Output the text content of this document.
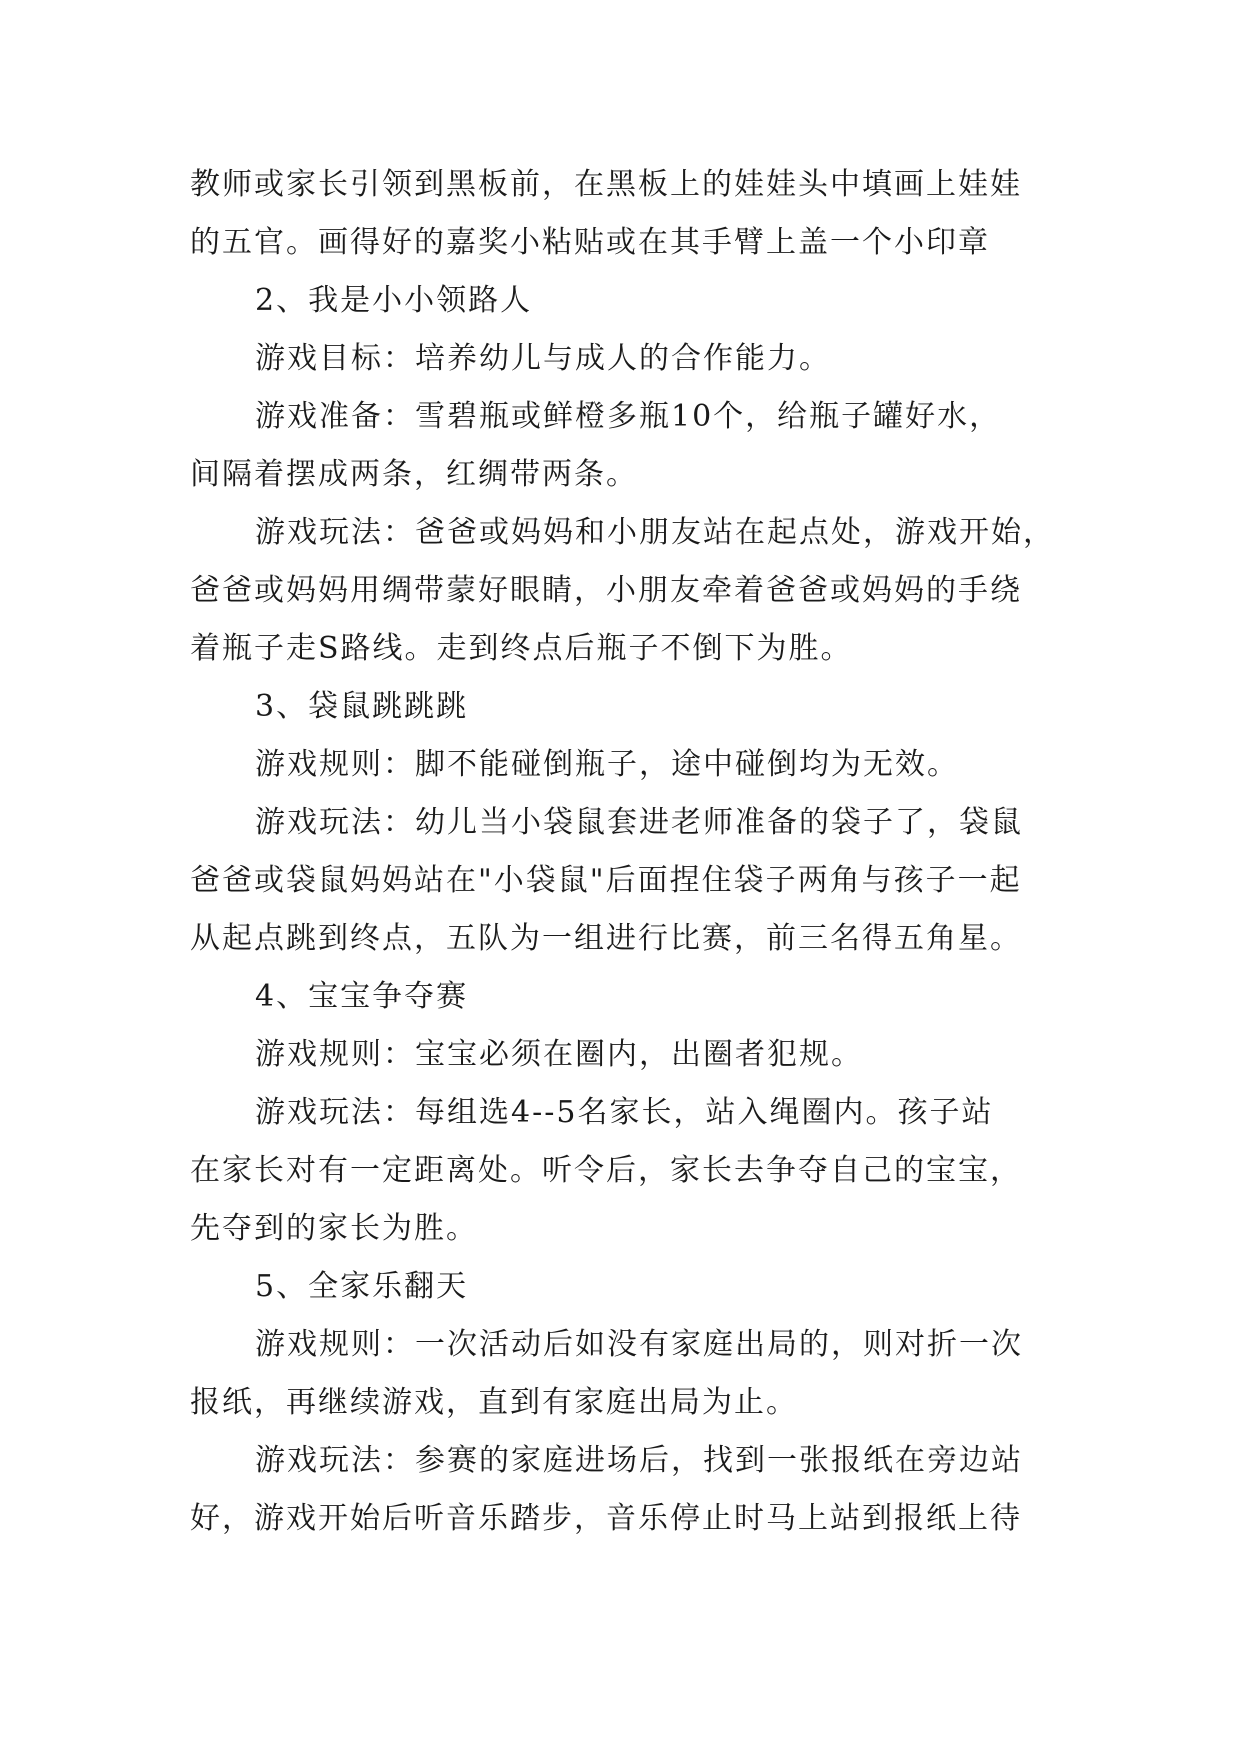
教师或家长引领到黑板前，在黑板上的娃娃头中填画上娃娃
的五官。画得好的嘉奖小粘贴或在其手臂上盖一个小印章
2、我是小小领路人
游戏目标：培养幼儿与成人的合作能力。
游戏准备：雪碧瓶或鲜橙多瓶10个，给瓶子罐好水，
间隔着摆成两条，红绸带两条。
游戏玩法：爸爸或妈妈和小朋友站在起点处，游戏开始，
爸爸或妈妈用绸带蒙好眼睛，小朋友牵着爸爸或妈妈的手绕
着瓶子走S路线。走到终点后瓶子不倒下为胜。
3、袋鼠跳跳跳
游戏规则：脚不能碰倒瓶子，途中碰倒均为无效。
游戏玩法：幼儿当小袋鼠套进老师准备的袋子了，袋鼠
爸爸或袋鼠妈妈站在"小袋鼠"后面捏住袋子两角与孩子一起
从起点跳到终点，五队为一组进行比赛，前三名得五角星。
4、宝宝争夺赛
游戏规则：宝宝必须在圈内，出圈者犯规。
游戏玩法：每组选4--5名家长，站入绳圈内。孩子站
在家长对有一定距离处。听令后，家长去争夺自己的宝宝，
先夺到的家长为胜。
5、全家乐翻天
游戏规则：一次活动后如没有家庭出局的，则对折一次
报纸，再继续游戏，直到有家庭出局为止。
游戏玩法：参赛的家庭进场后，找到一张报纸在旁边站
好，游戏开始后听音乐踏步，音乐停止时马上站到报纸上待
